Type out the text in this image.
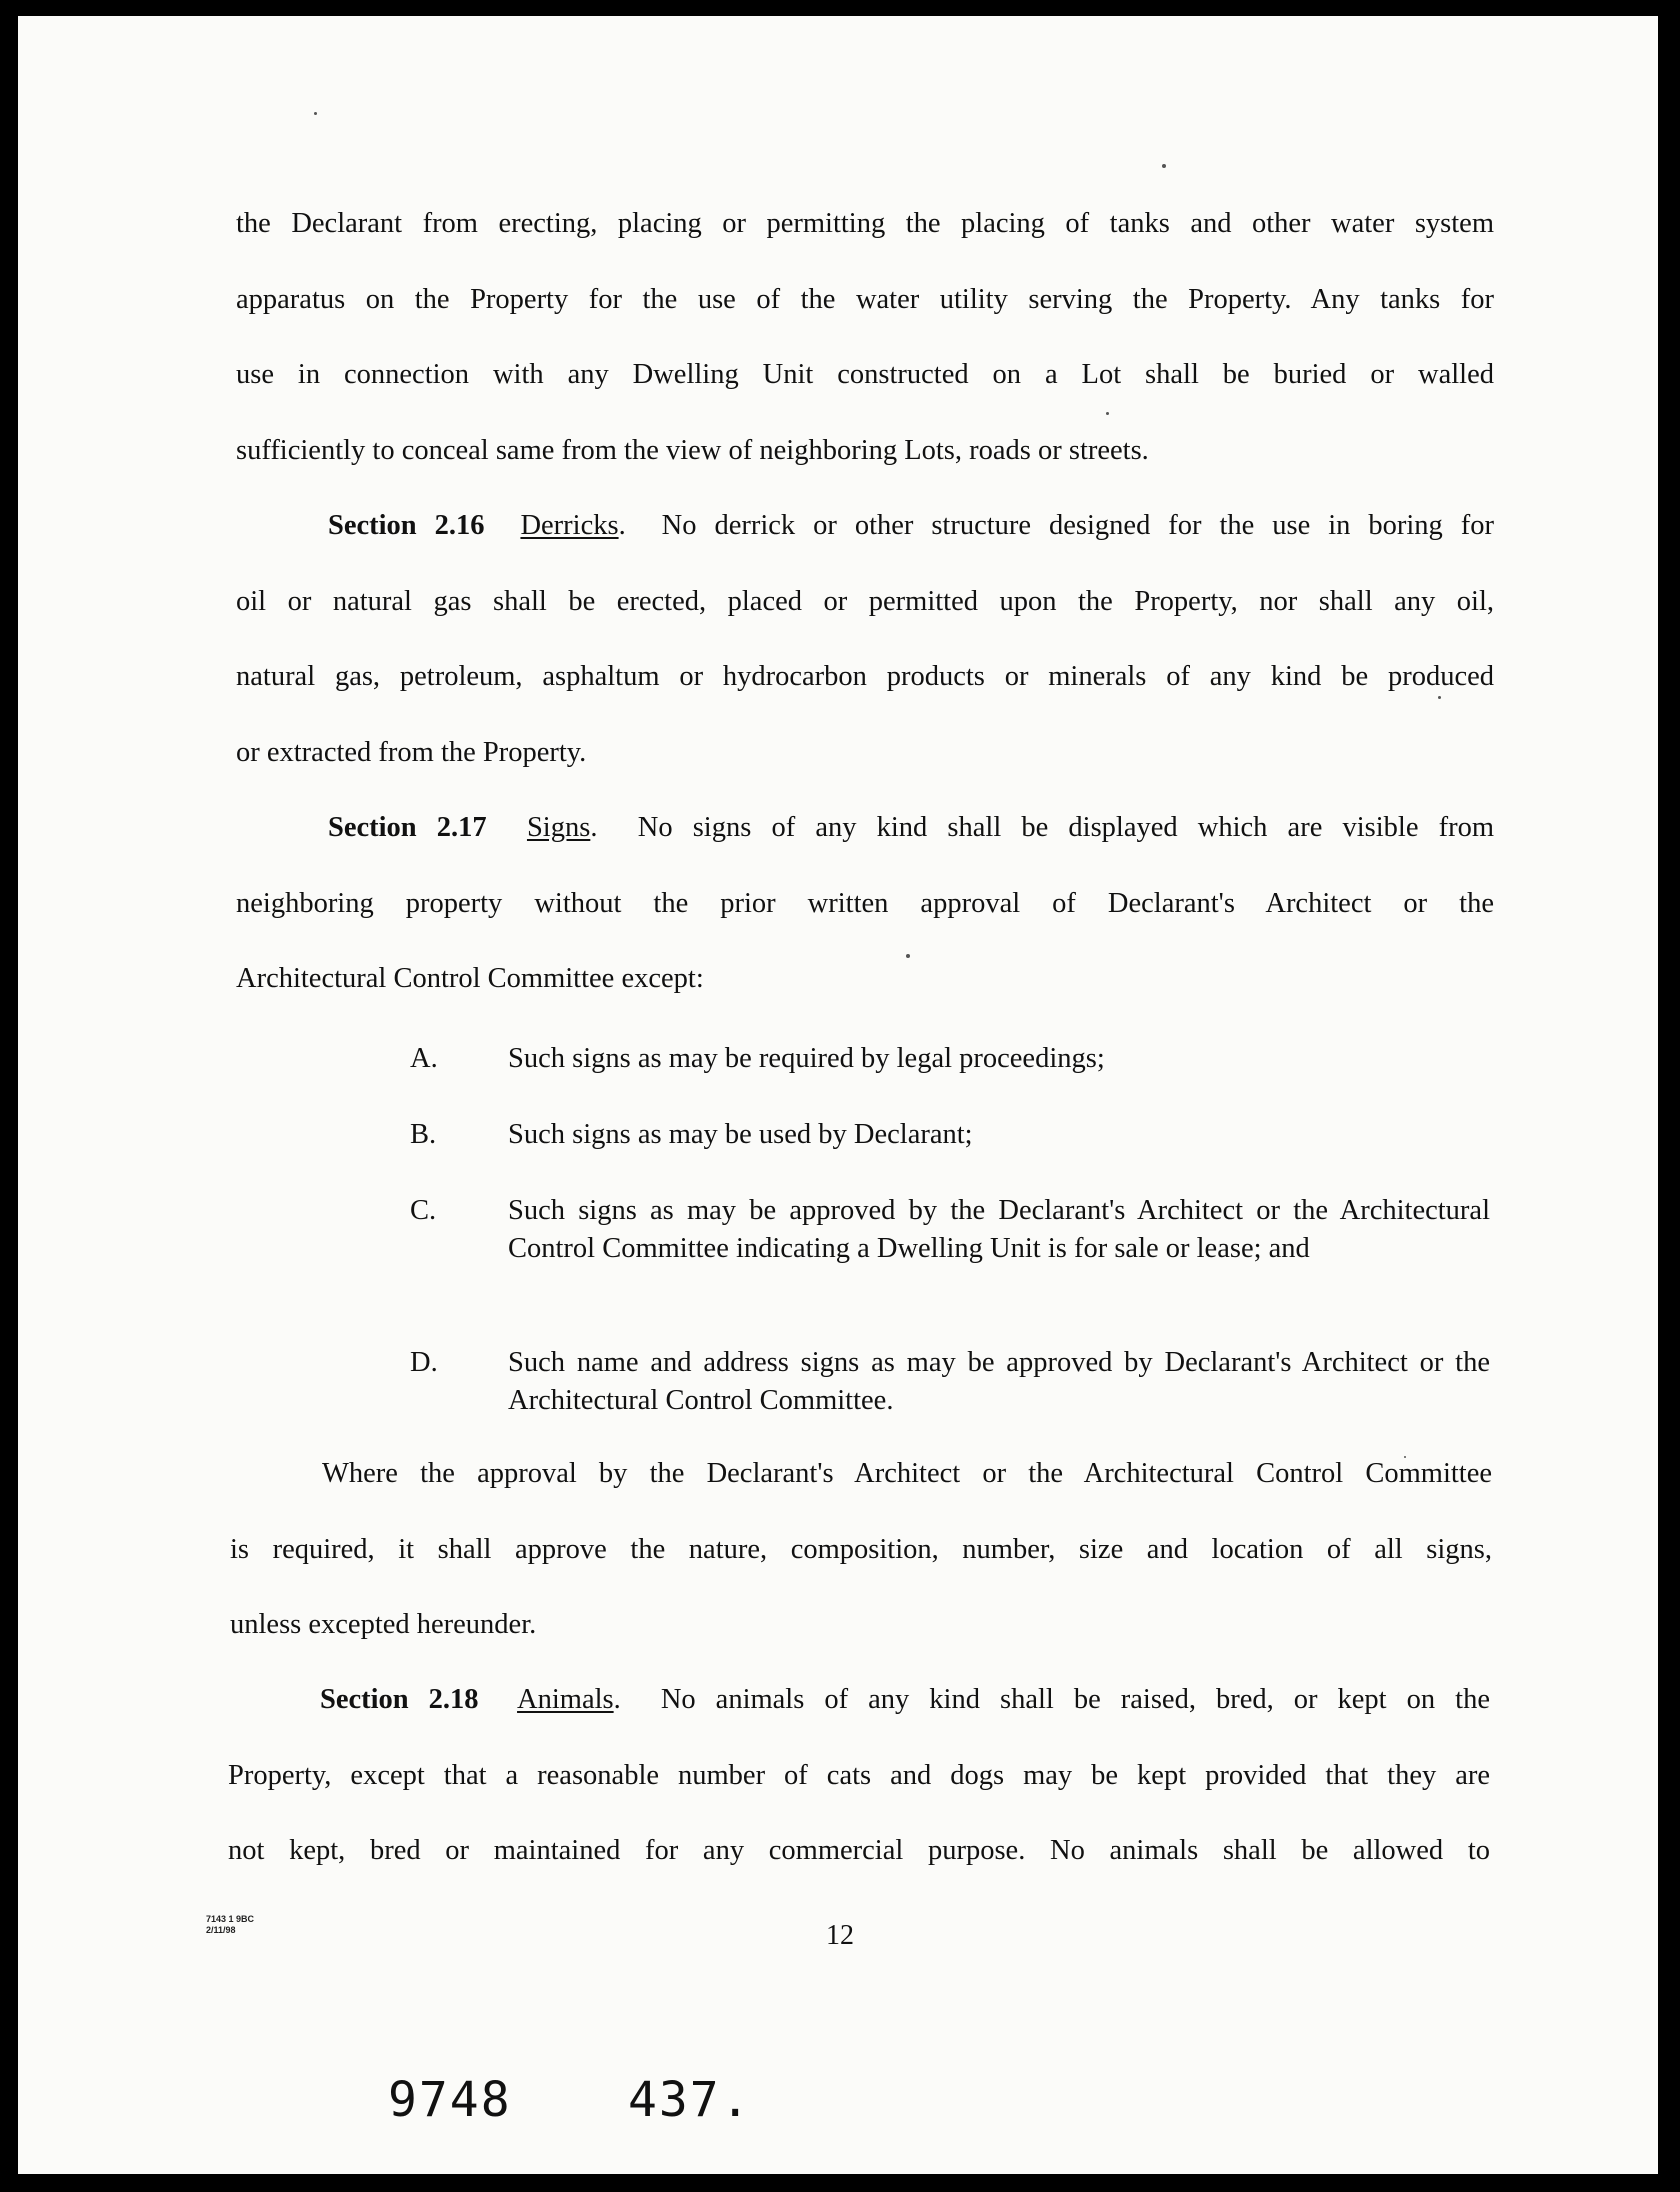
the Declarant from erecting, placing or permitting the placing of tanks and other water system
apparatus on the Property for the use of the water utility serving the Property. Any tanks for
use in connection with any Dwelling Unit constructed on a Lot shall be buried or walled
sufficiently to conceal same from the view of neighboring Lots, roads or streets.
Section 2.16 Derricks.  No derrick or other structure designed for the use in boring for
oil or natural gas shall be erected, placed or permitted upon the Property, nor shall any oil,
natural gas, petroleum, asphaltum or hydrocarbon products or minerals of any kind be produced
or extracted from the Property.
Section 2.17 Signs.  No signs of any kind shall be displayed which are visible from
neighboring property without the prior written approval of Declarant's Architect or the
Architectural Control Committee except:
A. Such signs as may be required by legal proceedings;
B.	Such signs as may be used by Declarant;
C.	Such signs as may be approved by the Declarant's Architect or the Architectural Control Committee indicating a Dwelling Unit is for sale or lease; and
D. Such name and address signs as may be approved by Declarant's Architect or the Architectural Control Committee.
Where the approval by the Declarant's Architect or the Architectural Control Committee
is required, it shall approve the nature, composition, number, size and location of all signs,
unless excepted hereunder.
Section 2.18 Animals.  No animals of any kind shall be raised, bred, or kept on the
Property, except that a reasonable number of cats and dogs may be kept provided that they are
not kept, bred or maintained for any commercial purpose. No animals shall be allowed to
7143 1 9BC
2/11/98	12
9748 437.
